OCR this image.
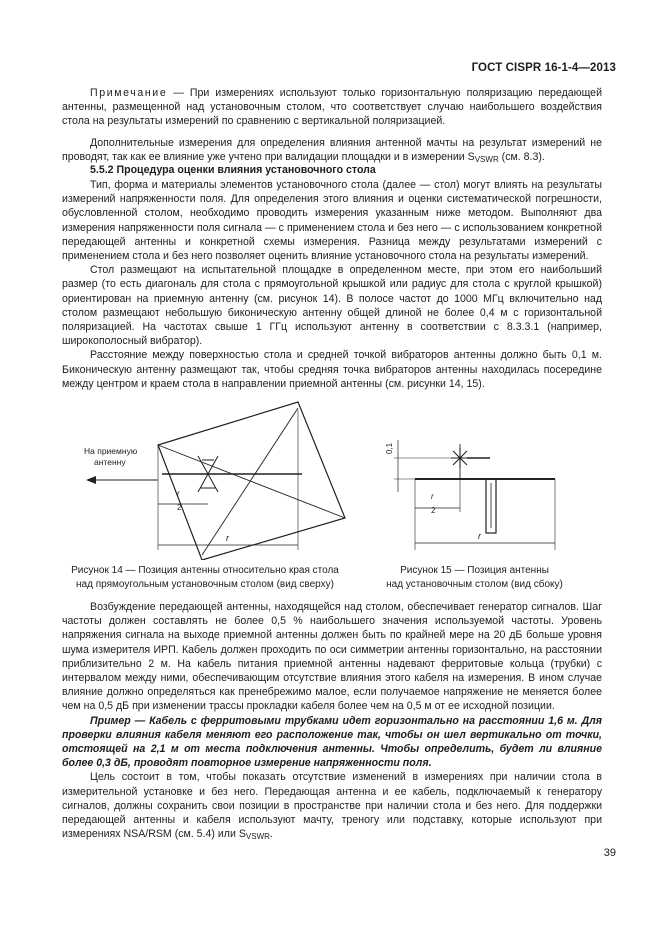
ГОСТ CISPR 16-1-4—2013

Примечание — При измерениях используют только горизонтальную поляризацию передающей антенны, размещенной над установочным столом, что соответствует случаю наибольшего воздействия стола на результаты измерений по сравнению с вертикальной поляризацией.

Дополнительные измерения для определения влияния антенной мачты на результат измерений не проводят, так как ее влияние уже учтено при валидации площадки и в измерении $S_{VSWR}$ (см. 8.3).

5.5.2 Процедура оценки влияния установочного стола

Тип, форма и материалы элементов установочного стола (далее — стол) могут влиять на результаты измерений напряженности поля. Для определения этого влияния и оценки систематической погрешности, обусловленной столом, необходимо проводить измерения указанным ниже методом. Выполняют два измерения напряженности поля сигнала — с применением стола и без него — с использованием конкретной передающей антенны и конкретной схемы измерения. Разница между результатами измерений с применением стола и без него позволяет оценить влияние установочного стола на результаты измерений.

Стол размещают на испытательной площадке в определенном месте, при этом его наибольший размер (то есть диагональ для стола с прямоугольной крышкой или радиус для стола с круглой крышкой) ориентирован на приемную антенну (см. рисунок 14). В полосе частот до 1000 МГц включительно над столом размещают небольшую биконическую антенну общей длиной не более 0,4 м с горизонтальной поляризацией. На частотах свыше 1 ГГц используют антенну в соответствии с 8.3.3.1 (например, широкополосный вибратор).

Расстояние между поверхностью стола и средней точкой вибраторов антенны должно быть 0,1 м. Биконическую антенну размещают так, чтобы средняя точка вибраторов антенны находилась посередине между центром и краем стола в направлении приемной антенны (см. рисунки 14, 15).

На приемную
антенну
r
r
2
0,1
r
r
2
Рисунок 14 — Позиция антенны относительно края стола
над прямоугольным установочным столом (вид сверху)
Рисунок 15 — Позиция антенны
над установочным столом (вид сбоку)

Возбуждение передающей антенны, находящейся над столом, обеспечивает генератор сигналов. Шаг частоты должен составлять не более 0,5 % наибольшего значения используемой частоты. Уровень напряжения сигнала на выходе приемной антенны должен быть по крайней мере на 20 дБ больше уровня шума измерителя ИРП. Кабель должен проходить по оси симметрии антенны горизонтально, на расстоянии приблизительно 2 м. На кабель питания приемной антенны надевают ферритовые кольца (трубки) с интервалом между ними, обеспечивающим отсутствие влияния этого кабеля на измерения. В ином случае влияние должно определяться как пренебрежимо малое, если получаемое напряжение не меняется более чем на 0,5 дБ при изменении трассы прокладки кабеля более чем на 0,5 м от ее исходной позиции.

Пример — Кабель с ферритовыми трубками идет горизонтально на расстоянии 1,6 м. Для проверки влияния кабеля меняют его расположение так, чтобы он шел вертикально от точки, отстоящей на 2,1 м от места подключения антенны. Чтобы определить, будет ли влияние более 0,3 дБ, проводят повторное измерение напряженности поля.

Цель состоит в том, чтобы показать отсутствие изменений в измерениях при наличии стола в измерительной установке и без него. Передающая антенна и ее кабель, подключаемый к генератору сигналов, должны сохранить свои позиции в пространстве при наличии стола и без него. Для поддержки передающей антенны и кабеля используют мачту, треногу или подставку, которые используют при измерениях NSA/RSM (см. 5.4) или $S_{VSWR}$.

39
